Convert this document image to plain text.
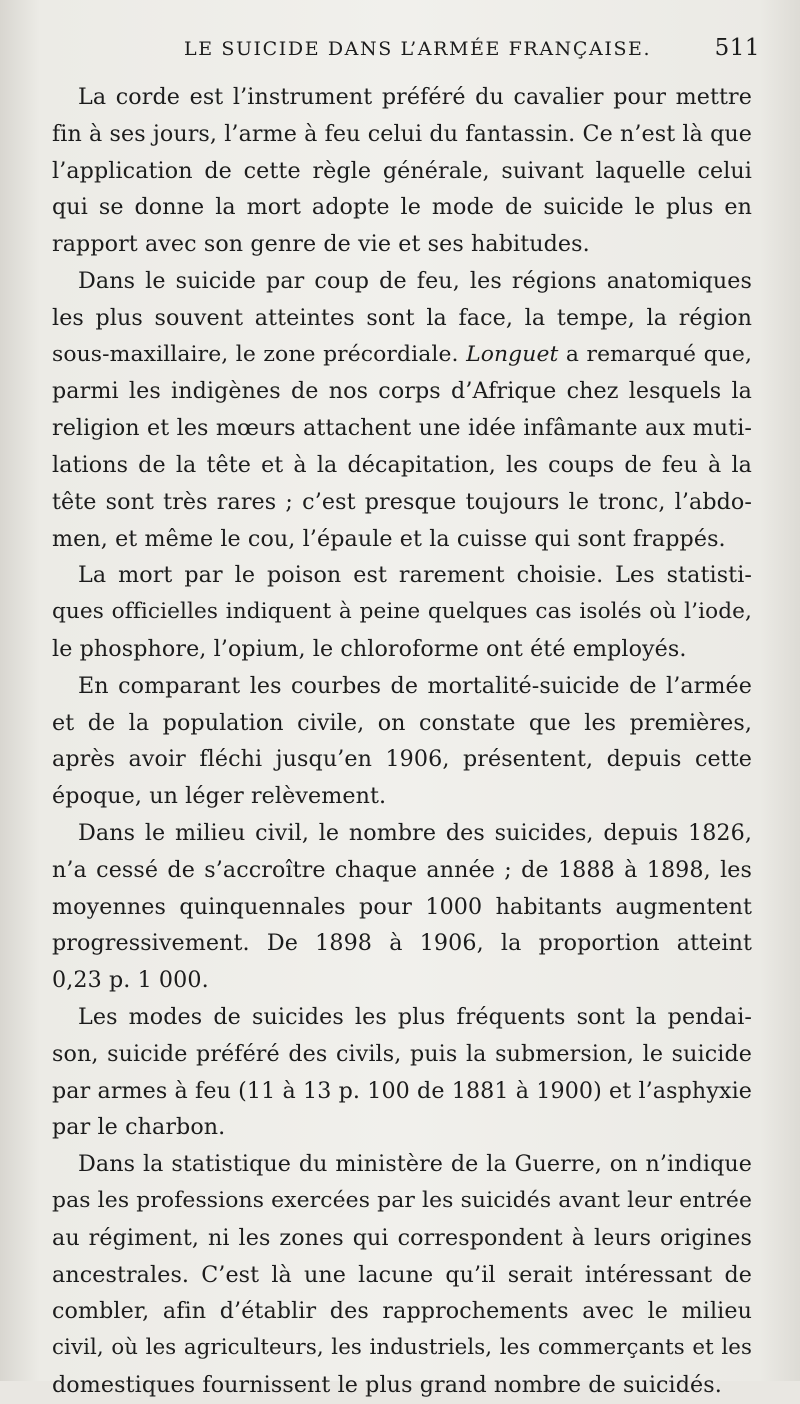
LE SUICIDE DANS L’ARMÉE FRANÇAISE.	511
La corde est l’instrument préféré du cavalier pour mettre
fin à ses jours, l’arme à feu celui du fantassin. Ce n’est là que
l’application de cette règle générale, suivant laquelle celui
qui se donne la mort adopte le mode de suicide le plus en
rapport avec son genre de vie et ses habitudes.
Dans le suicide par coup de feu, les régions anatomiques
les plus souvent atteintes sont la face, la tempe, la région
sous-maxillaire, le zone précordiale. Longuet a remarqué que,
parmi les indigènes de nos corps d’Afrique chez lesquels la
religion et les mœurs attachent une idée infâmante aux muti-
lations de la tête et à la décapitation, les coups de feu à la
tête sont très rares ; c’est presque toujours le tronc, l’abdo-
men, et même le cou, l’épaule et la cuisse qui sont frappés.
La mort par le poison est rarement choisie. Les statisti-
ques officielles indiquent à peine quelques cas isolés où l’iode,
le phosphore, l’opium, le chloroforme ont été employés.
En comparant les courbes de mortalité-suicide de l’armée
et de la population civile, on constate que les premières,
après avoir fléchi jusqu’en 1906, présentent, depuis cette
époque, un léger relèvement.
Dans le milieu civil, le nombre des suicides, depuis 1826,
n’a cessé de s’accroître chaque année ; de 1888 à 1898, les
moyennes quinquennales pour 1000 habitants augmentent
progressivement. De 1898 à 1906, la proportion atteint
0,23 p. 1 000.
Les modes de suicides les plus fréquents sont la pendai-
son, suicide préféré des civils, puis la submersion, le suicide
par armes à feu (11 à 13 p. 100 de 1881 à 1900) et l’asphyxie
par le charbon.
Dans la statistique du ministère de la Guerre, on n’indique
pas les professions exercées par les suicidés avant leur entrée
au régiment, ni les zones qui correspondent à leurs origines
ancestrales. C’est là une lacune qu’il serait intéressant de
combler, afin d’établir des rapprochements avec le milieu
civil, où les agriculteurs, les industriels, les commerçants et les
domestiques fournissent le plus grand nombre de suicidés.
